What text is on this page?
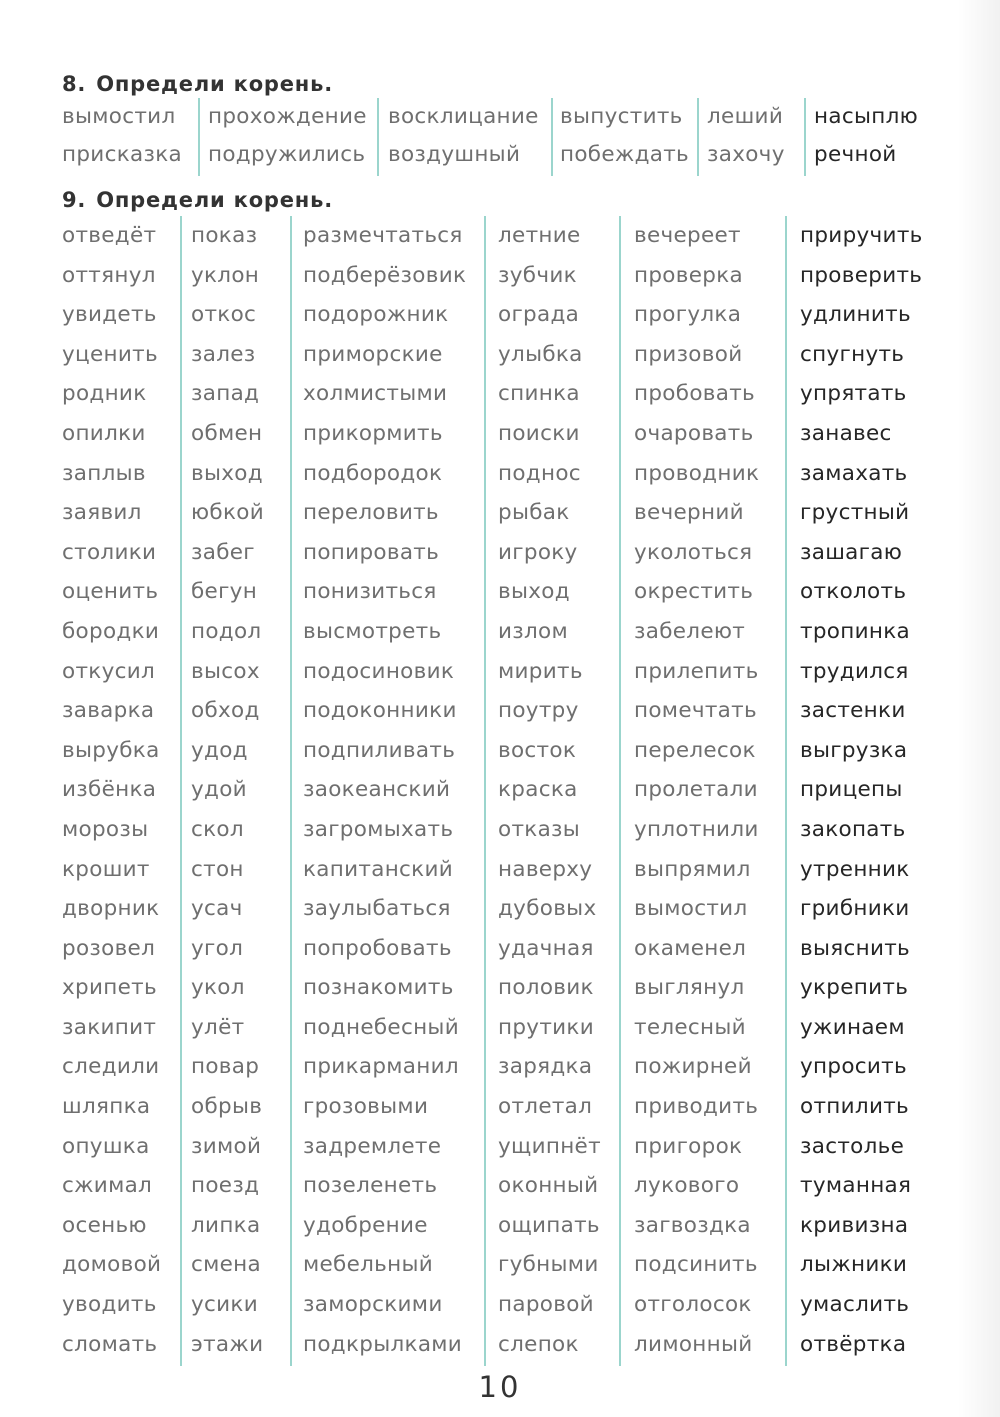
8. Определи корень.
вымостил
присказка
прохождение
подружились
восклицание
воздушный
выпустить
побеждать
леший
захочу
насыплю
речной
9. Определи корень.
отведёт
оттянул
увидеть
уценить
родник
опилки
заплыв
заявил
столики
оценить
бородки
откусил
заварка
вырубка
избёнка
морозы
крошит
дворник
розовел
хрипеть
закипит
следили
шляпка
опушка
сжимал
осенью
домовой
уводить
сломать
показ
уклон
откос
залез
запад
обмен
выход
юбкой
забег
бегун
подол
высох
обход
удод
удой
скол
стон
усач
угол
укол
улёт
повар
обрыв
зимой
поезд
липка
смена
усики
этажи
размечтаться
подберёзовик
подорожник
приморские
холмистыми
прикормить
подбородок
переловить
попировать
понизиться
высмотреть
подосиновик
подоконники
подпиливать
заокеанский
загромыхать
капитанский
заулыбаться
попробовать
познакомить
поднебесный
прикарманил
грозовыми
задремлете
позеленеть
удобрение
мебельный
заморскими
подкрылками
летние
зубчик
ограда
улыбка
спинка
поиски
поднос
рыбак
игроку
выход
излом
мирить
поутру
восток
краска
отказы
наверху
дубовых
удачная
половик
прутики
зарядка
отлетал
ущипнёт
оконный
ощипать
губными
паровой
слепок
вечереет
проверка
прогулка
призовой
пробовать
очаровать
проводник
вечерний
уколоться
окрестить
забелеют
прилепить
помечтать
перелесок
пролетали
уплотнили
выпрямил
вымостил
окаменел
выглянул
телесный
пожирней
приводить
пригорок
лукового
загвоздка
подсинить
отголосок
лимонный
приручить
проверить
удлинить
спугнуть
упрятать
занавес
замахать
грустный
зашагаю
отколоть
тропинка
трудился
застенки
выгрузка
прицепы
закопать
утренник
грибники
выяснить
укрепить
ужинаем
упросить
отпилить
застолье
туманная
кривизна
лыжники
умаслить
отвёртка
10
